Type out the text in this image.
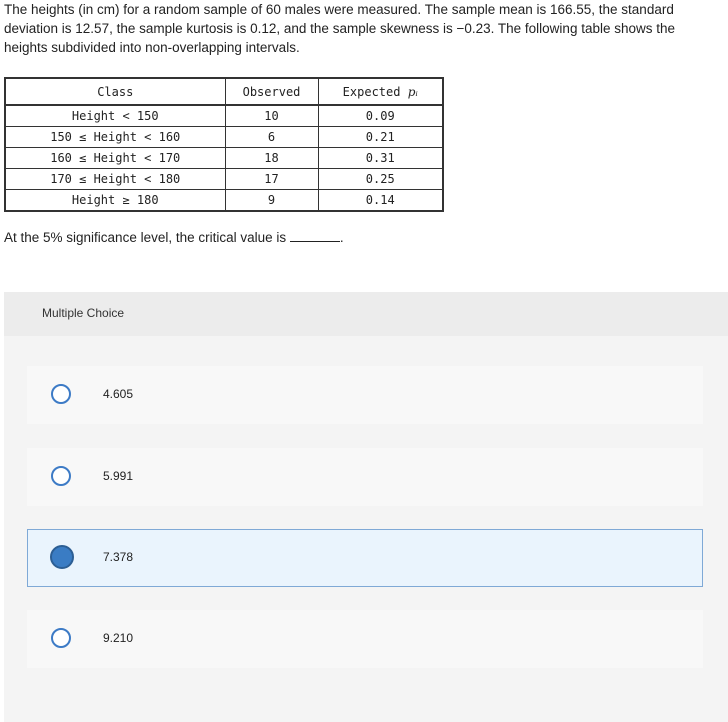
The heights (in cm) for a random sample of 60 males were measured. The sample mean is 166.55, the standard deviation is 12.57, the sample kurtosis is 0.12, and the sample skewness is −0.23. The following table shows the heights subdivided into non-overlapping intervals.
Class	Observed	Expected pᵢ
Height < 150	10	0.09
150 ≤ Height < 160	6	0.21
160 ≤ Height < 170	18	0.31
170 ≤ Height < 180	17	0.25
Height ≥ 180	9	0.14
At the 5% significance level, the critical value is	.
Multiple Choice
4.605
5.991
7.378
9.210
